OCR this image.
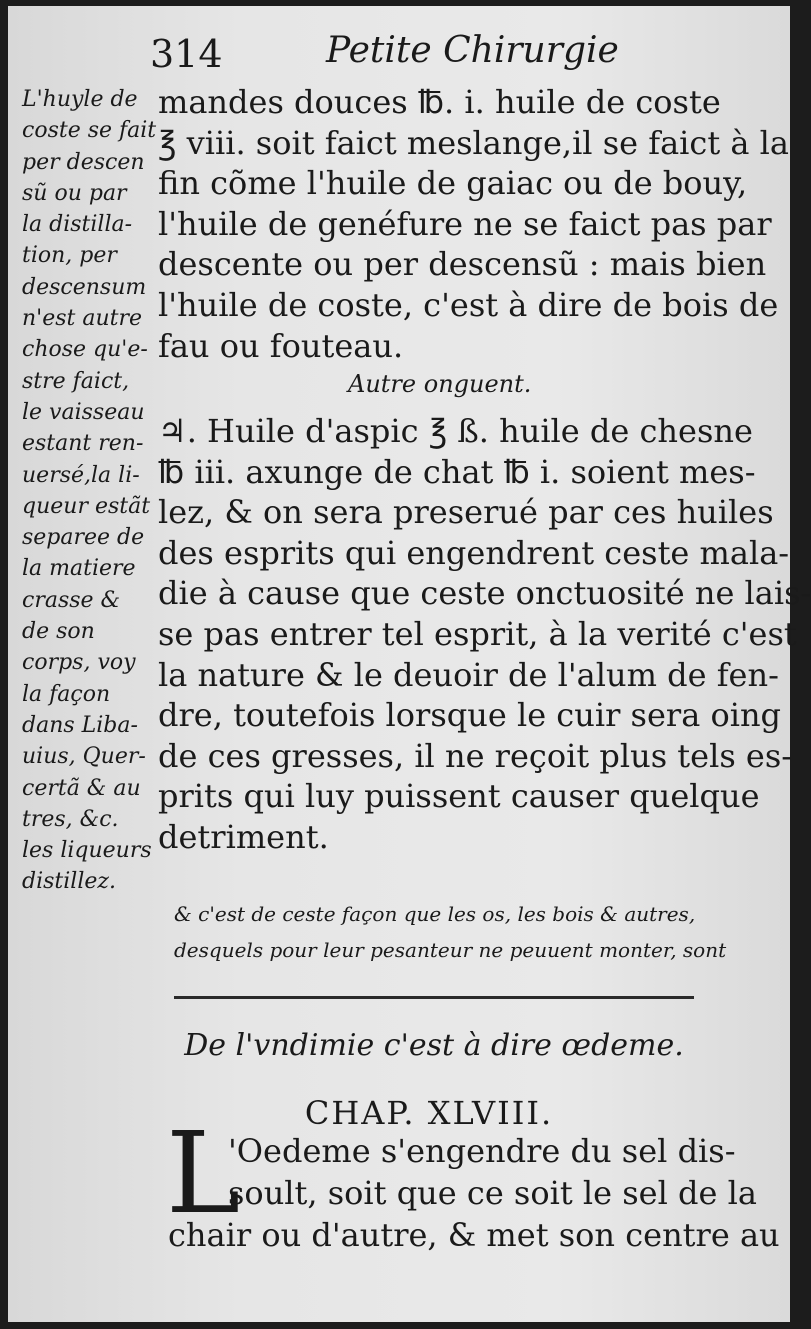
314	Petite Chirurgie
L'huyle de
coste se fait
per descen
sũ ou par
la distilla-
tion, per
descensum
n'est autre
chose qu'e-
stre faict,
le vaisseau
estant ren-
uersé,la li-
queur estãt
separee de
la matiere
crasse &
de son
corps, voy
la façon
dans Liba-
uius, Quer-
certã & au
tres, &c.
les liqueurs
distillez.
mandes douces ℔. i. huile de coste
℥ viii. soit faict meslange,il se faict à la
fin cõme l'huile de gaiac ou de bouy,
l'huile de genéfure ne se faict pas par
descente ou per descensũ : mais bien
l'huile de coste, c'est à dire de bois de
fau ou fouteau.
Autre onguent.
♃. Huile d'aspic ℥ ß. huile de chesne
℔ iii. axunge de chat ℔ i. soient mes-
lez, & on sera preserué par ces huiles
des esprits qui engendrent ceste mala-
die à cause que ceste onctuosité ne lais-
se pas entrer tel esprit, à la verité c'est
la nature & le deuoir de l'alum de fen-
dre, toutefois lorsque le cuir sera oing
de ces gresses, il ne reçoit plus tels es-
prits qui luy puissent causer quelque
detriment.
& c'est de ceste façon que les os, les bois & autres,
desquels pour leur pesanteur ne peuuent monter, sont
De l'vndimie c'est à dire œdeme.
CHAP. XLVIII.
L
'Oedeme s'engendre du sel dis-
soult, soit que ce soit le sel de la
chair ou d'autre, & met son centre au
